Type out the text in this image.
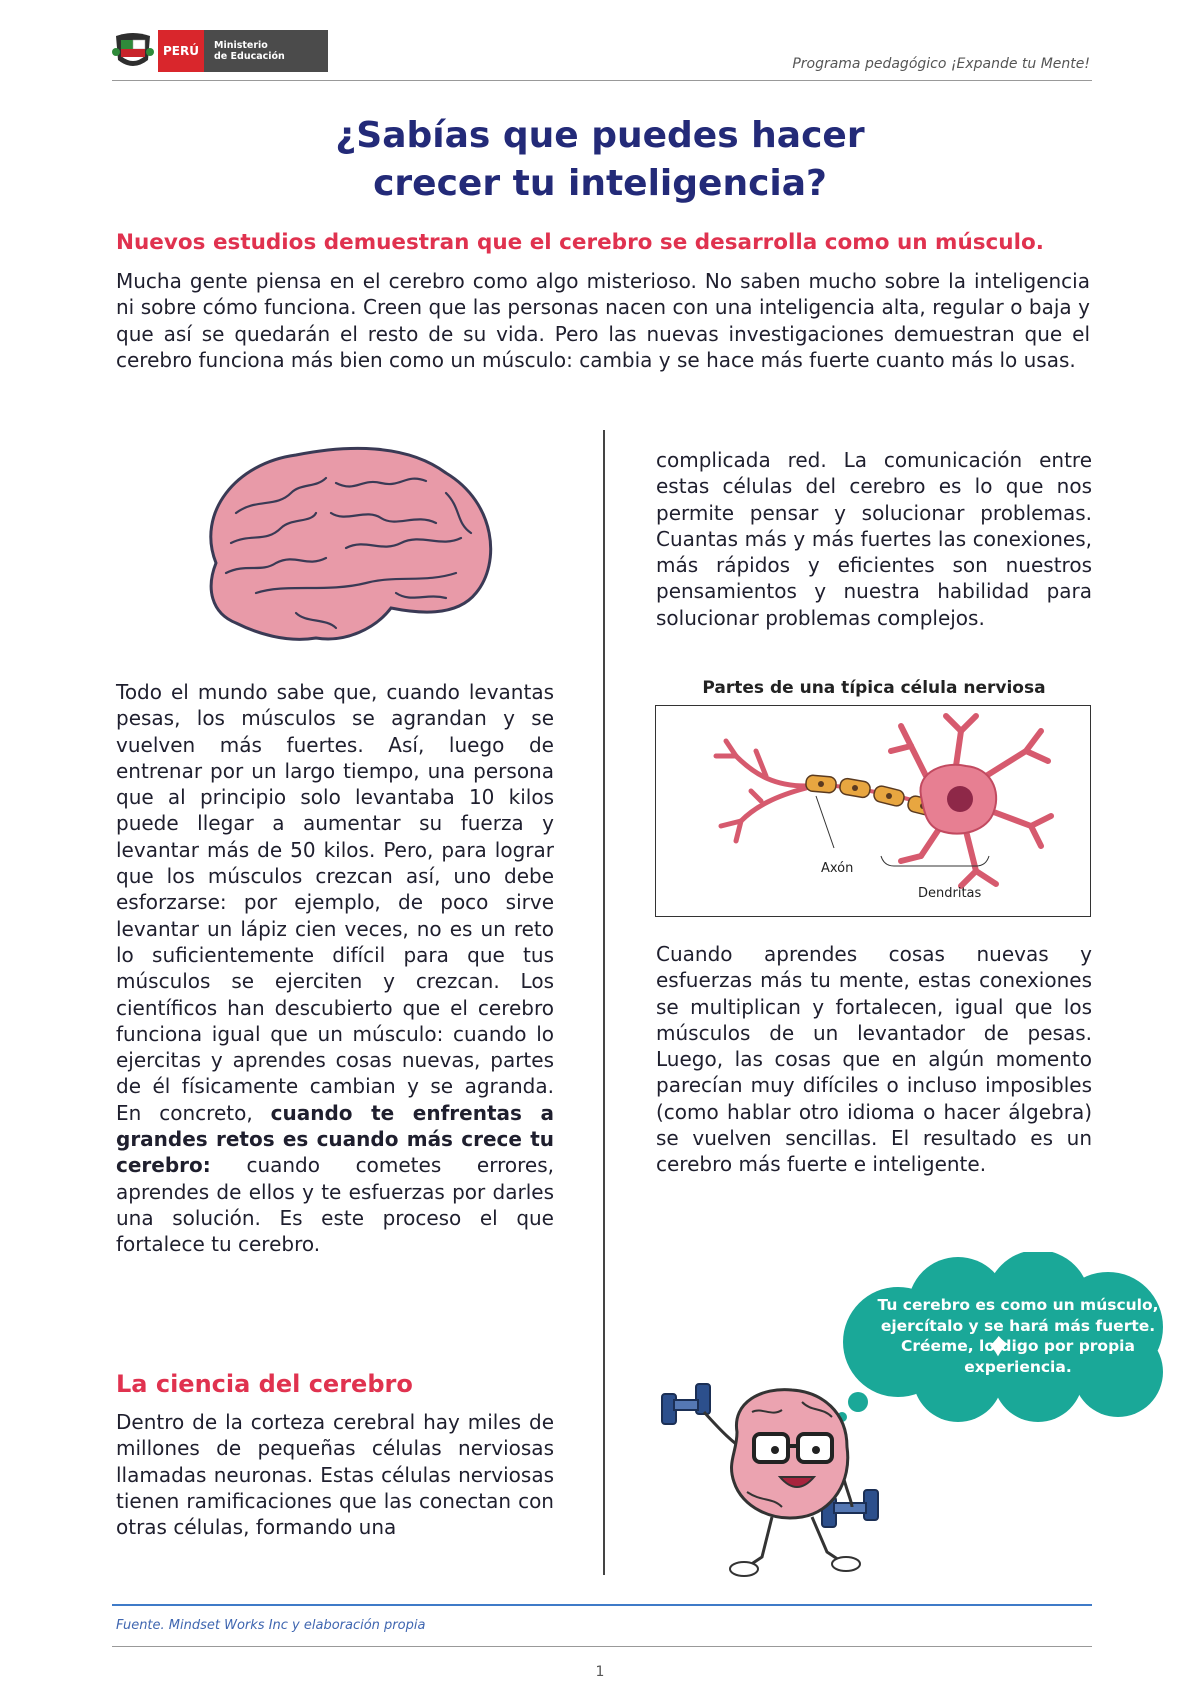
PERÚ	Ministerio
de Educación	Programa pedagógico ¡Expande tu Mente!
¿Sabías que puedes hacer
crecer tu inteligencia?
Nuevos estudios demuestran que el cerebro se desarrolla como un músculo.
Mucha gente piensa en el cerebro como algo misterioso. No saben mucho sobre la inteligencia ni sobre cómo funciona. Creen que las personas nacen con una inteligencia alta, regular o baja y que así se quedarán el resto de su vida. Pero las nuevas investigaciones demuestran que el cerebro funciona más bien como un músculo: cambia y se hace más fuerte cuanto más lo usas.
Todo el mundo sabe que, cuando levantas pesas, los músculos se agrandan y se vuelven más fuertes. Así, luego de entrenar por un largo tiempo, una persona que al principio solo levantaba 10 kilos puede llegar a aumentar su fuerza y levantar más de 50 kilos. Pero, para lograr que los músculos crezcan así, uno debe esforzarse: por ejemplo, de poco sirve levantar un lápiz cien veces, no es un reto lo suficientemente difícil para que tus músculos se ejerciten y crezcan. Los científicos han descubierto que el cerebro funciona igual que un músculo: cuando lo ejercitas y aprendes cosas nuevas, partes de él físicamente cambian y se agranda. En concreto, cuando te enfrentas a grandes retos es cuando más crece tu cerebro: cuando cometes errores, aprendes de ellos y te esfuerzas por darles una solución. Es este proceso el que fortalece tu cerebro.
La ciencia del cerebro
Dentro de la corteza cerebral hay miles de millones de pequeñas células nerviosas llamadas neuronas. Estas células nerviosas tienen ramificaciones que las conectan con otras células, formando una
complicada red. La comunicación entre estas células del cerebro es lo que nos permite pensar y solucionar problemas. Cuantas más y más fuertes las conexiones, más rápidos y eficientes son nuestros pensamientos y nuestra habilidad para solucionar problemas complejos.
Partes de una típica célula nerviosa
Axón
Dendritas
Cuando aprendes cosas nuevas y esfuerzas más tu mente, estas conexiones se multiplican y fortalecen, igual que los músculos de un levantador de pesas. Luego, las cosas que en algún momento parecían muy difíciles o incluso imposibles (como hablar otro idioma o hacer álgebra) se vuelven sencillas. El resultado es un cerebro más fuerte e inteligente.
Tu cerebro es como un músculo, ejercítalo y se hará más fuerte. Créeme, lo digo por propia experiencia.
Fuente. Mindset Works Inc y elaboración propia
1
